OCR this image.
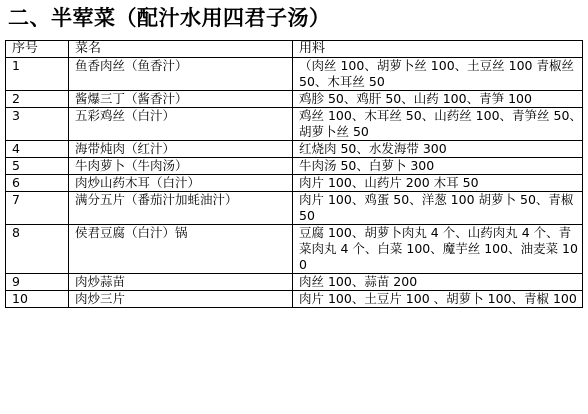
二、半荤菜（配汁水用四君子汤）
序号	菜名	用料
1	鱼香肉丝（鱼香汁）	（肉丝 100、胡萝卜丝 100、土豆丝 100 青椒丝 50、木耳丝 50
2	酱爆三丁（酱香汁）	鸡胗 50、鸡肝 50、山药 100、青笋 100
3	五彩鸡丝（白汁）	鸡丝 100、木耳丝 50、山药丝 100、青笋丝 50、胡萝卜丝 50
4	海带炖肉（红汁）	红烧肉 50、水发海带 300
5	牛肉萝卜（牛肉汤）	牛肉汤 50、白萝卜 300
6	肉炒山药木耳（白汁）	肉片 100、山药片 200 木耳 50
7	满分五片（番茄汁加蚝油汁）	肉片 100、鸡蛋 50、洋葱 100 胡萝卜 50、青椒 50
8	侯君豆腐（白汁）锅	豆腐 100、胡萝卜肉丸 4 个、山药肉丸 4 个、青菜肉丸 4 个、白菜 100、魔芋丝 100、油麦菜 100
9	肉炒蒜苗	肉丝 100、蒜苗 200
10	肉炒三片	肉片 100、土豆片 100 、胡萝卜 100、青椒 100
